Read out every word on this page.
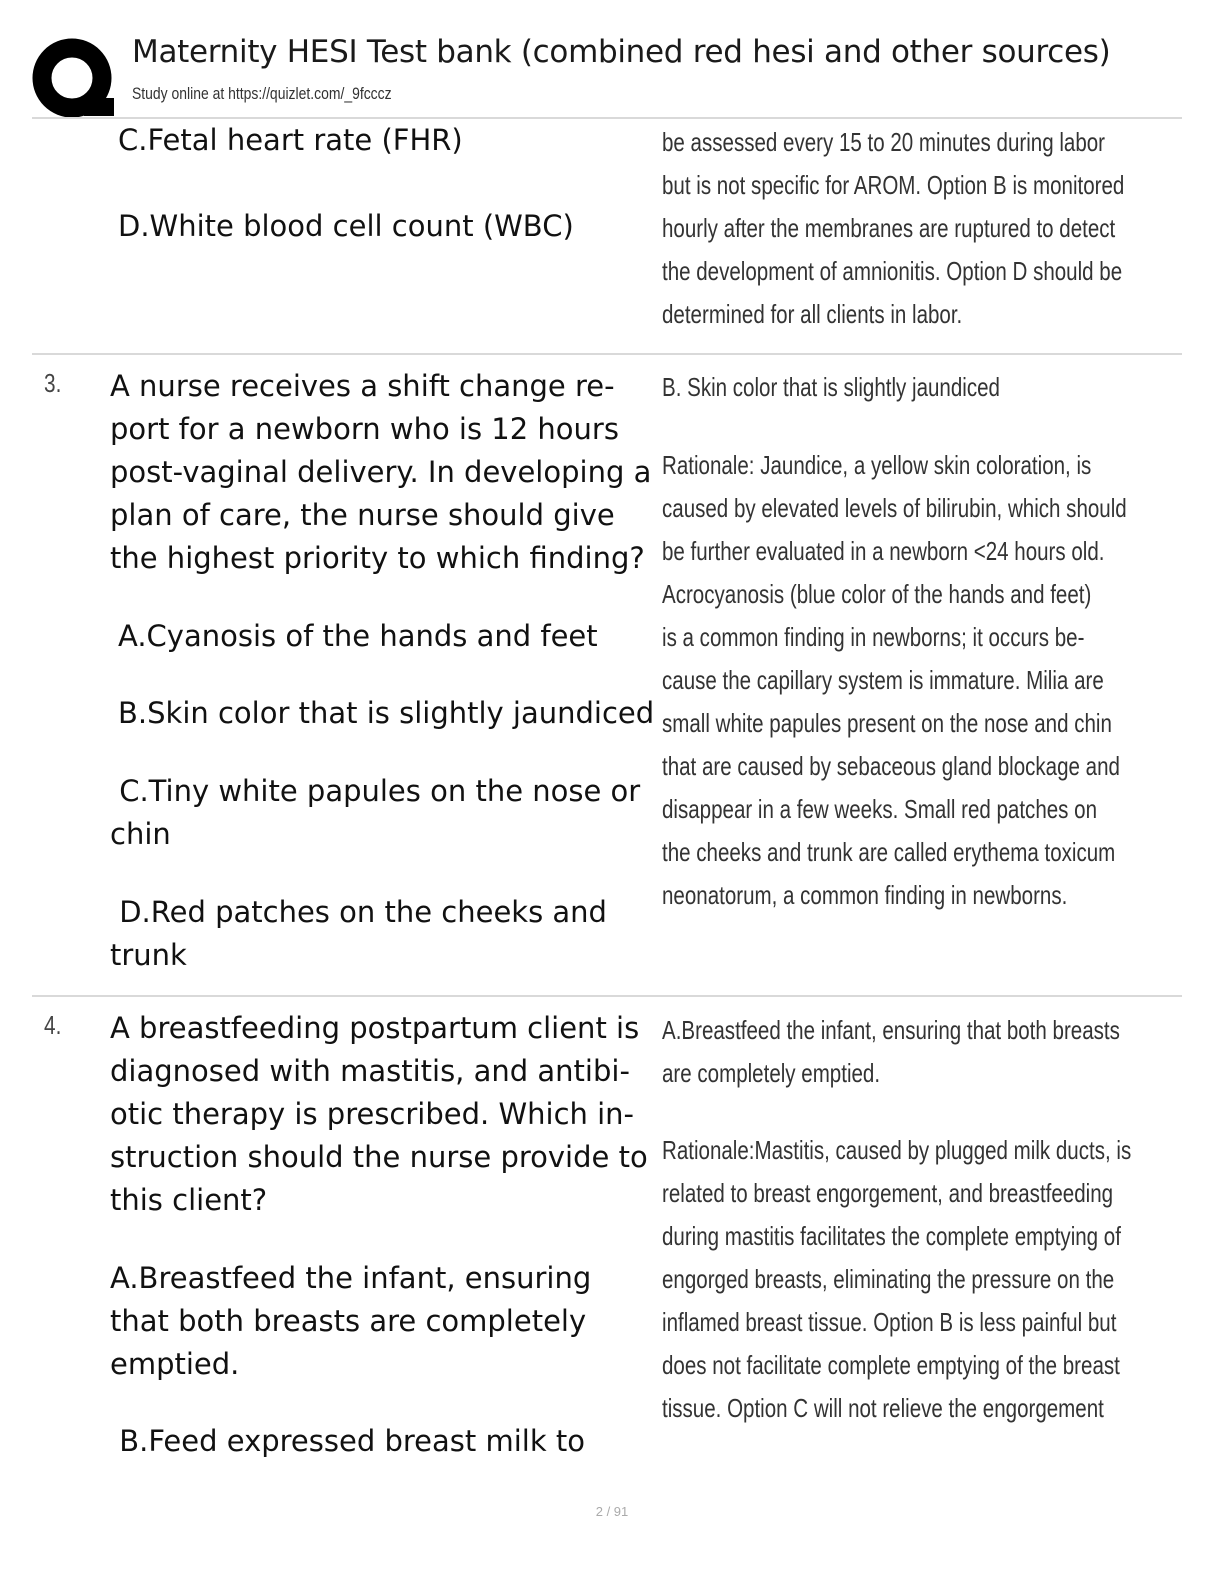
Maternity HESI Test bank (combined red hesi and other sources)
Study online at https://quizlet.com/_9fcccz
C.Fetal heart rate (FHR)
D.White blood cell count (WBC)
be assessed every 15 to 20 minutes during labor
but is not specific for AROM. Option B is monitored
hourly after the membranes are ruptured to detect
the development of amnionitis. Option D should be
determined for all clients in labor.
3. A nurse receives a shift change re-
port for a newborn who is 12 hours
post-vaginal delivery. In developing a
plan of care, the nurse should give
the highest priority to which finding?
A.Cyanosis of the hands and feet
B.Skin color that is slightly jaundiced
C.Tiny white papules on the nose or
chin
D.Red patches on the cheeks and
trunk
B. Skin color that is slightly jaundiced
Rationale: Jaundice, a yellow skin coloration, is
caused by elevated levels of bilirubin, which should
be further evaluated in a newborn <24 hours old.
Acrocyanosis (blue color of the hands and feet)
is a common finding in newborns; it occurs be-
cause the capillary system is immature. Milia are
small white papules present on the nose and chin
that are caused by sebaceous gland blockage and
disappear in a few weeks. Small red patches on
the cheeks and trunk are called erythema toxicum
neonatorum, a common finding in newborns.
4. A breastfeeding postpartum client is
diagnosed with mastitis, and antibi-
otic therapy is prescribed. Which in-
struction should the nurse provide to
this client?
A.Breastfeed the infant, ensuring
that both breasts are completely
emptied.
B.Feed expressed breast milk to
A.Breastfeed the infant, ensuring that both breasts
are completely emptied.
Rationale:Mastitis, caused by plugged milk ducts, is
related to breast engorgement, and breastfeeding
during mastitis facilitates the complete emptying of
engorged breasts, eliminating the pressure on the
inflamed breast tissue. Option B is less painful but
does not facilitate complete emptying of the breast
tissue. Option C will not relieve the engorgement
2 / 91
